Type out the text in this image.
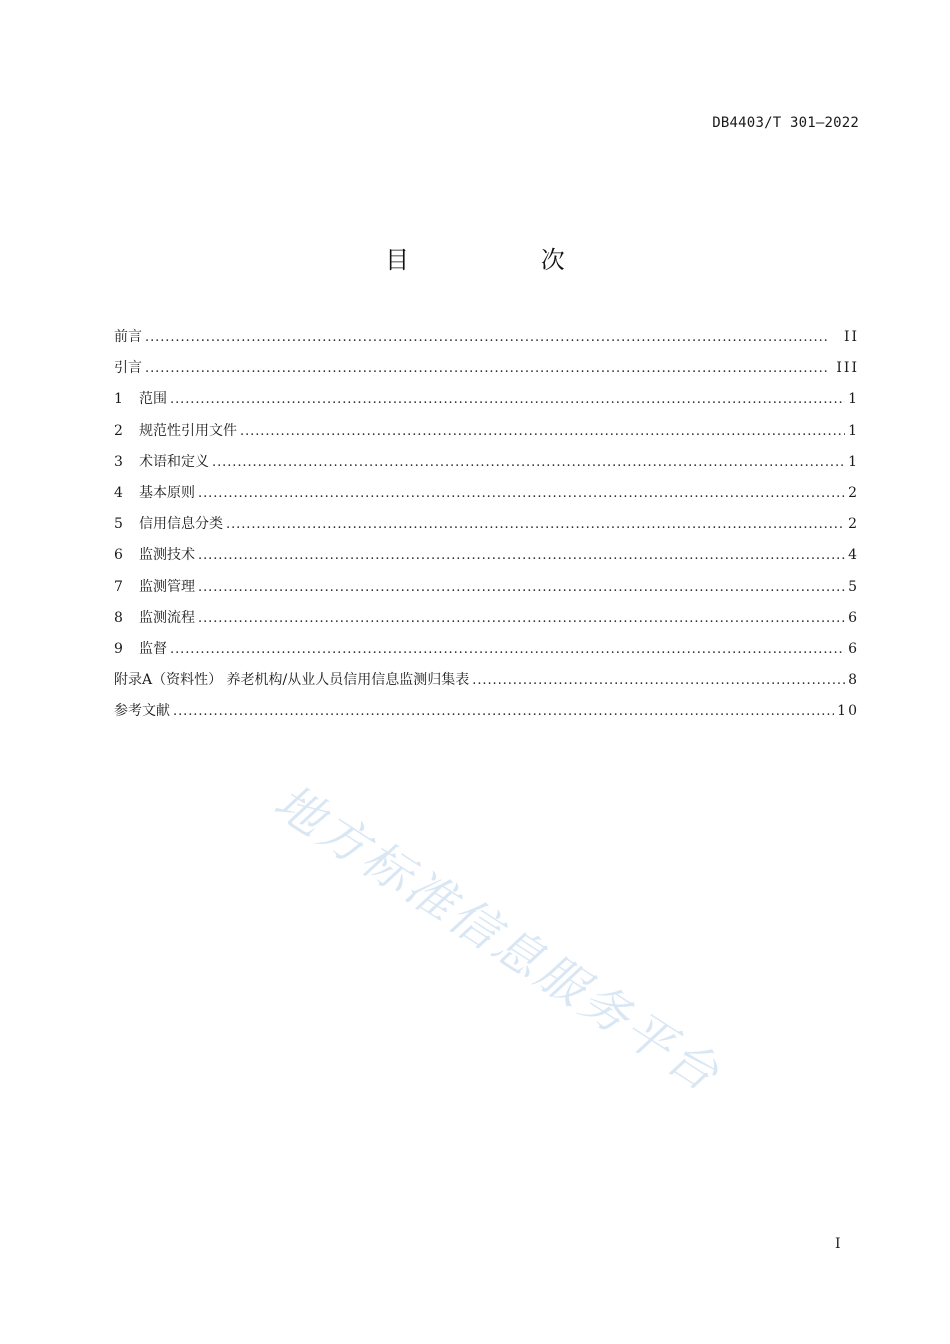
DB4403/T 301—2022
目 次
前言 . . .	II
引言 . . .	III
1	范围 . . .	1
2	规范性引用文件 . . .	1
3	术语和定义 . . .	1
4	基本原则 . . .	2
5	信用信息分类 . . .	2
6	监测技术 . . .	4
7	监测管理 . . .	5
8	监测流程 . . .	6
9	监督 . . .	6
附录A（资料性） 养老机构/从业人员信用信息监测归集表 . . .	8
参考文献 . . .	10
地方标准信息服务平台
I
